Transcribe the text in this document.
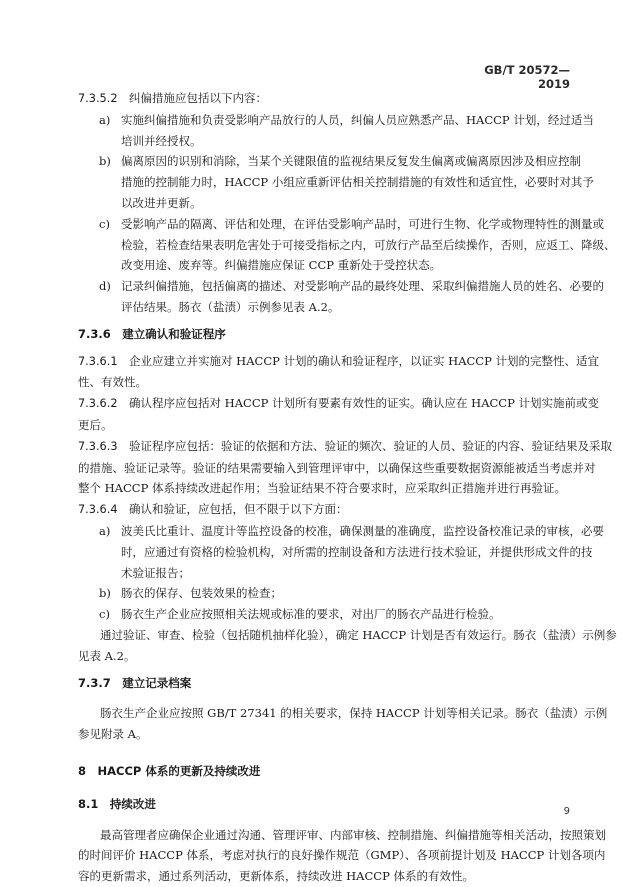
GB/T 20572—2019
7.3.5.2　 纠偏措施应包括以下内容：
a) 实施纠偏措施和负责受影响产品放行的人员，纠偏人员应熟悉产品、HACCP 计划，经过适当
培训并经授权。
b) 偏离原因的识别和消除，当某个关键限值的监视结果反复发生偏离或偏离原因涉及相应控制
措施的控制能力时，HACCP 小组应重新评估相关控制措施的有效性和适宜性，必要时对其予
以改进并更新。
c) 受影响产品的隔离、评估和处理，在评估受影响产品时，可进行生物、化学或物理特性的测量或
检验，若检查结果表明危害处于可接受指标之内，可放行产品至后续操作，否则，应返工、降级、
改变用途、废弃等。纠偏措施应保证 CCP 重新处于受控状态。
d) 记录纠偏措施，包括偏离的描述、对受影响产品的最终处理、采取纠偏措施人员的姓名、必要的
评估结果。肠衣（盐渍）示例参见表 A.2。
7.3.6　 建立确认和验证程序
7.3.6.1　 企业应建立并实施对 HACCP 计划的确认和验证程序，以证实 HACCP 计划的完整性、适宜
性、有效性。
7.3.6.2　 确认程序应包括对 HACCP 计划所有要素有效性的证实。确认应在 HACCP 计划实施前或变
更后。
7.3.6.3　 验证程序应包括：验证的依据和方法、验证的频次、验证的人员、验证的内容、验证结果及采取
的措施、验证记录等。验证的结果需要输入到管理评审中，以确保这些重要数据资源能被适当考虑并对
整个 HACCP 体系持续改进起作用；当验证结果不符合要求时，应采取纠正措施并进行再验证。
7.3.6.4　 确认和验证，应包括，但不限于以下方面：
a) 波美氏比重计、温度计等监控设备的校准，确保测量的准确度，监控设备校准记录的审核，必要
时，应通过有资格的检验机构，对所需的控制设备和方法进行技术验证，并提供形成文件的技
术验证报告；
b) 肠衣的保存、包装效果的检查；
c) 肠衣生产企业应按照相关法规或标准的要求，对出厂的肠衣产品进行检验。
通过验证、审查、检验（包括随机抽样化验），确定 HACCP 计划是否有效运行。肠衣（盐渍）示例参
见表 A.2。
7.3.7　 建立记录档案
肠衣生产企业应按照 GB/T 27341 的相关要求，保持 HACCP 计划等相关记录。肠衣（盐渍）示例
参见附录 A。
8　 HACCP 体系的更新及持续改进
8.1　 持续改进
最高管理者应确保企业通过沟通、管理评审、内部审核、控制措施、纠偏措施等相关活动，按照策划
的时间评价 HACCP 体系，考虑对执行的良好操作规范（GMP）、各项前提计划及 HACCP 计划各项内
容的更新需求，通过系列活动，更新体系，持续改进 HACCP 体系的有效性。
9
